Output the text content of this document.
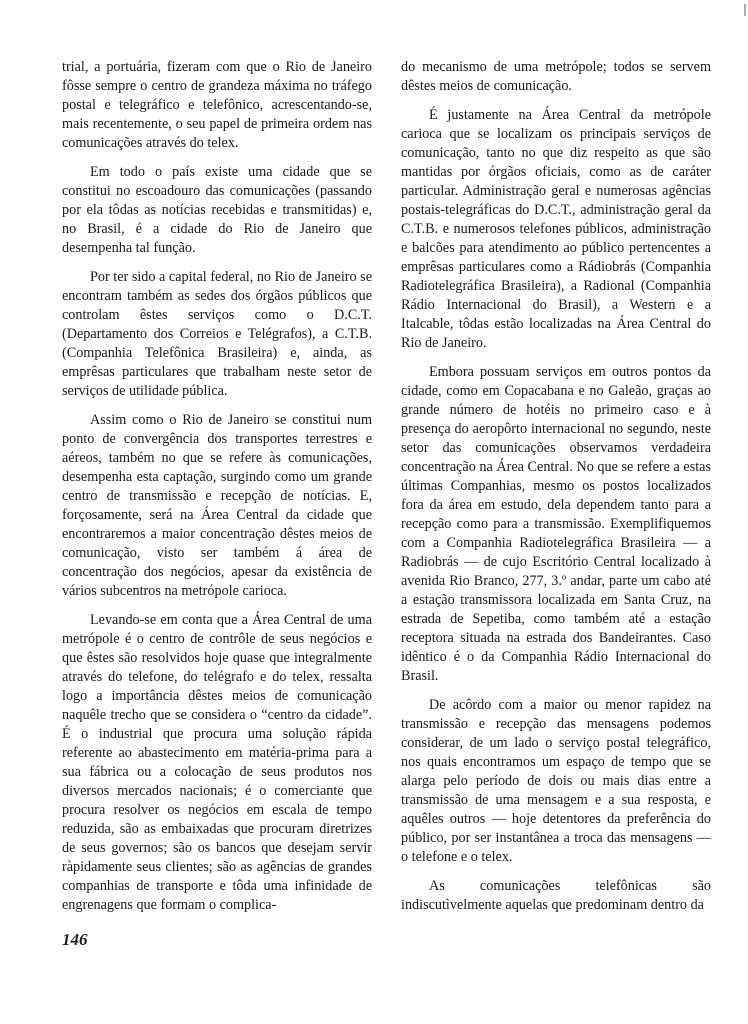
trial, a portuária, fizeram com que o Rio de Janeiro fôsse sempre o centro de grandeza máxima no tráfego postal e telegráfico e telefônico, acrescentando-se, mais recentemente, o seu papel de primeira ordem nas comunicações através do telex.

Em todo o país existe uma cidade que se constitui no escoadouro das comunicações (passando por ela tôdas as notícias recebidas e transmitidas) e, no Brasil, é a cidade do Rio de Janeiro que desempenha tal função.

Por ter sido a capital federal, no Rio de Janeiro se encontram também as sedes dos órgãos públicos que controlam êstes serviços como o D.C.T. (Departamento dos Correios e Telégrafos), a C.T.B. (Companhia Telefônica Brasileira) e, ainda, as emprêsas particulares que trabalham neste setor de serviços de utilidade pública.

Assim como o Rio de Janeiro se constitui num ponto de convergência dos transportes terrestres e aéreos, também no que se refere às comunicações, desempenha esta captação, surgindo como um grande centro de transmissão e recepção de notícias. E, forçosamente, será na Área Central da cidade que encontraremos a maior concentração dêstes meios de comunicação, visto ser também á área de concentração dos negócios, apesar da existência de vários subcentros na metrópole carioca.

Levando-se em conta que a Área Central de uma metrópole é o centro de contrôle de seus negócios e que êstes são resolvidos hoje quase que integralmente através do telefone, do telégrafo e do telex, ressalta logo a importância dêstes meios de comunicação naquêle trecho que se considera o “centro da cidade”. É o industrial que procura uma solução rápida referente ao abastecimento em matéria-prima para a sua fábrica ou a colocação de seus produtos nos diversos mercados nacionais; é o comerciante que procura resolver os negócios em escala de tempo reduzida, são as embaixadas que procuram diretrizes de seus governos; são os bancos que desejam servir ràpidamente seus clientes; são as agências de grandes companhias de transporte e tôda uma infinidade de engrenagens que formam o complica-

do mecanismo de uma metrópole; todos se servem dêstes meios de comunicação.

É justamente na Área Central da metrópole carioca que se localizam os principais serviços de comunicação, tanto no que diz respeito as que são mantidas por órgãos oficiais, como as de caráter particular. Administração geral e numerosas agências postais-telegráficas do D.C.T., administração geral da C.T.B. e numerosos telefones públicos, administração e balcões para atendimento ao público pertencentes a emprêsas particulares como a Rádiobrás (Companhia Radiotelegráfica Brasileira), a Radional (Companhia Rádio Internacional do Brasil), a Western e a Italcable, tôdas estão localizadas na Área Central do Rio de Janeiro.

Embora possuam serviços em outros pontos da cidade, como em Copacabana e no Galeão, graças ao grande número de hotéis no primeiro caso e à presença do aeropôrto internacional no segundo, neste setor das comunicações observamos verdadeira concentração na Área Central. No que se refere a estas últimas Companhias, mesmo os postos localizados fora da área em estudo, dela dependem tanto para a recepção como para a transmissão. Exemplifiquemos com a Companhia Radiotelegráfica Brasileira — a Radiobrás — de cujo Escritório Central localizado à avenida Rio Branco, 277, 3.º andar, parte um cabo até a estação transmissora localizada em Santa Cruz, na estrada de Sepetiba, como também até a estação receptora situada na estrada dos Bandeirantes. Caso idêntico é o da Companhia Rádio Internacional do Brasil.

De acôrdo com a maior ou menor rapidez na transmissão e recepção das mensagens podemos considerar, de um lado o serviço postal telegráfico, nos quais encontramos um espaço de tempo que se alarga pelo período de dois ou mais dias entre a transmissão de uma mensagem e a sua resposta, e aquêles outros — hoje detentores da preferência do público, por ser instantânea a troca das mensagens — o telefone e o telex.

As comunicações telefônicas são indiscutìvelmente aquelas que predominam dentro da

146
